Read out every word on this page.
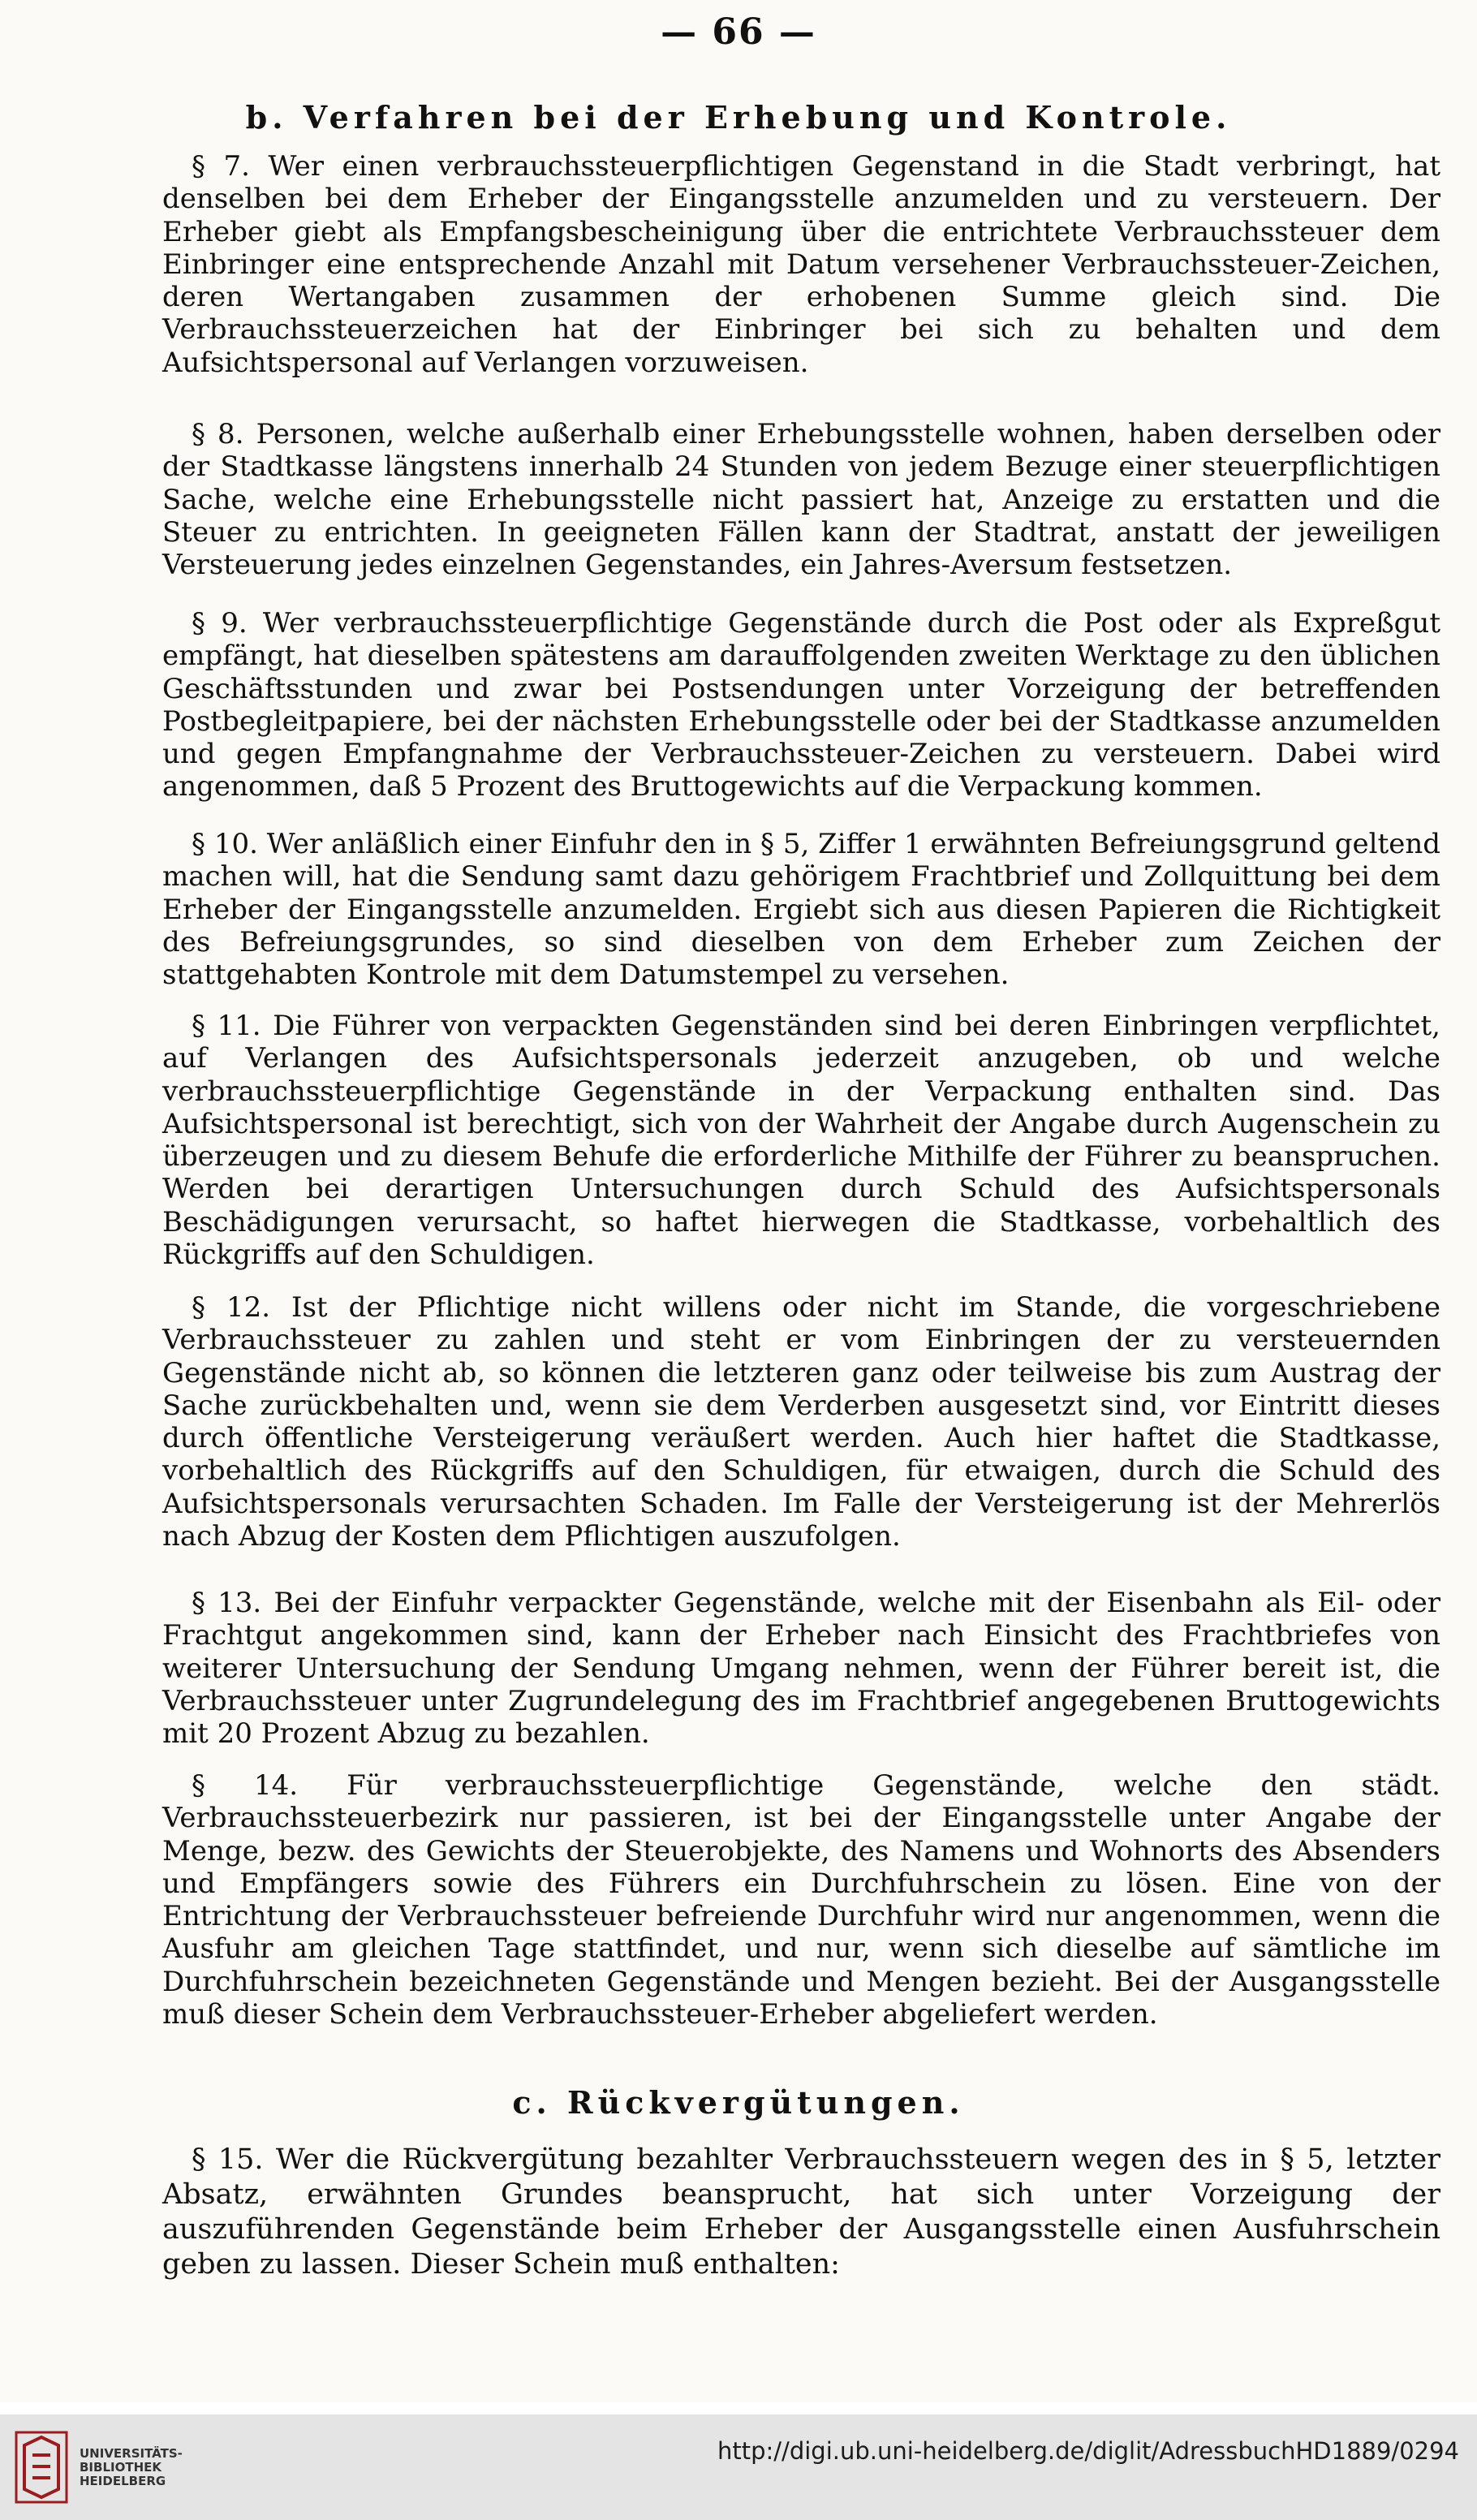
— 66 —
b. Verfahren bei der Erhebung und Kontrole.

§ 7. Wer einen verbrauchssteuerpflichtigen Gegenstand in die Stadt verbringt, hat denselben bei dem Erheber der Eingangsstelle anzumelden und zu versteuern. Der Erheber giebt als Empfangsbescheinigung über die entrichtete Verbrauchssteuer dem Einbringer eine entsprechende Anzahl mit Datum versehener Verbrauchssteuer-Zeichen, deren Wertangaben zusammen der erhobenen Summe gleich sind. Die Verbrauchssteuerzeichen hat der Einbringer bei sich zu behalten und dem Aufsichtspersonal auf Verlangen vorzuweisen.

§ 8. Personen, welche außerhalb einer Erhebungsstelle wohnen, haben derselben oder der Stadtkasse längstens innerhalb 24 Stunden von jedem Bezuge einer steuerpflichtigen Sache, welche eine Erhebungsstelle nicht passiert hat, Anzeige zu erstatten und die Steuer zu entrichten. In geeigneten Fällen kann der Stadtrat, anstatt der jeweiligen Versteuerung jedes einzelnen Gegenstandes, ein Jahres-Aversum festsetzen.

§ 9. Wer verbrauchssteuerpflichtige Gegenstände durch die Post oder als Expreßgut empfängt, hat dieselben spätestens am darauffolgenden zweiten Werktage zu den üblichen Geschäftsstunden und zwar bei Postsendungen unter Vorzeigung der betreffenden Postbegleitpapiere, bei der nächsten Erhebungsstelle oder bei der Stadtkasse anzumelden und gegen Empfangnahme der Verbrauchssteuer-Zeichen zu versteuern. Dabei wird angenommen, daß 5 Prozent des Bruttogewichts auf die Verpackung kommen.

§ 10. Wer anläßlich einer Einfuhr den in § 5, Ziffer 1 erwähnten Befreiungsgrund geltend machen will, hat die Sendung samt dazu gehörigem Frachtbrief und Zollquittung bei dem Erheber der Eingangsstelle anzumelden. Ergiebt sich aus diesen Papieren die Richtigkeit des Befreiungsgrundes, so sind dieselben von dem Erheber zum Zeichen der stattgehabten Kontrole mit dem Datumstempel zu versehen.

§ 11. Die Führer von verpackten Gegenständen sind bei deren Einbringen verpflichtet, auf Verlangen des Aufsichtspersonals jederzeit anzugeben, ob und welche verbrauchssteuerpflichtige Gegenstände in der Verpackung enthalten sind. Das Aufsichtspersonal ist berechtigt, sich von der Wahrheit der Angabe durch Augenschein zu überzeugen und zu diesem Behufe die erforderliche Mithilfe der Führer zu beanspruchen. Werden bei derartigen Untersuchungen durch Schuld des Aufsichtspersonals Beschädigungen verursacht, so haftet hierwegen die Stadtkasse, vorbehaltlich des Rückgriffs auf den Schuldigen.

§ 12. Ist der Pflichtige nicht willens oder nicht im Stande, die vorgeschriebene Verbrauchssteuer zu zahlen und steht er vom Einbringen der zu versteuernden Gegenstände nicht ab, so können die letzteren ganz oder teilweise bis zum Austrag der Sache zurückbehalten und, wenn sie dem Verderben ausgesetzt sind, vor Eintritt dieses durch öffentliche Versteigerung veräußert werden. Auch hier haftet die Stadtkasse, vorbehaltlich des Rückgriffs auf den Schuldigen, für etwaigen, durch die Schuld des Aufsichtspersonals verursachten Schaden. Im Falle der Versteigerung ist der Mehrerlös nach Abzug der Kosten dem Pflichtigen auszufolgen.

§ 13. Bei der Einfuhr verpackter Gegenstände, welche mit der Eisenbahn als Eil- oder Frachtgut angekommen sind, kann der Erheber nach Einsicht des Frachtbriefes von weiterer Untersuchung der Sendung Umgang nehmen, wenn der Führer bereit ist, die Verbrauchssteuer unter Zugrundelegung des im Frachtbrief angegebenen Bruttogewichts mit 20 Prozent Abzug zu bezahlen.

§ 14. Für verbrauchssteuerpflichtige Gegenstände, welche den städt. Verbrauchssteuerbezirk nur passieren, ist bei der Eingangsstelle unter Angabe der Menge, bezw. des Gewichts der Steuerobjekte, des Namens und Wohnorts des Absenders und Empfängers sowie des Führers ein Durchfuhrschein zu lösen. Eine von der Entrichtung der Verbrauchssteuer befreiende Durchfuhr wird nur angenommen, wenn die Ausfuhr am gleichen Tage stattfindet, und nur, wenn sich dieselbe auf sämtliche im Durchfuhrschein bezeichneten Gegenstände und Mengen bezieht. Bei der Ausgangsstelle muß dieser Schein dem Verbrauchssteuer-Erheber abgeliefert werden.

c. Rückvergütungen.

§ 15. Wer die Rückvergütung bezahlter Verbrauchssteuern wegen des in § 5, letzter Absatz, erwähnten Grundes beansprucht, hat sich unter Vorzeigung der auszuführenden Gegenstände beim Erheber der Ausgangsstelle einen Ausfuhrschein geben zu lassen. Dieser Schein muß enthalten:

UNIVERSITÄTS-
BIBLIOTHEK
HEIDELBERG
http://digi.ub.uni-heidelberg.de/diglit/AdressbuchHD1889/0294
